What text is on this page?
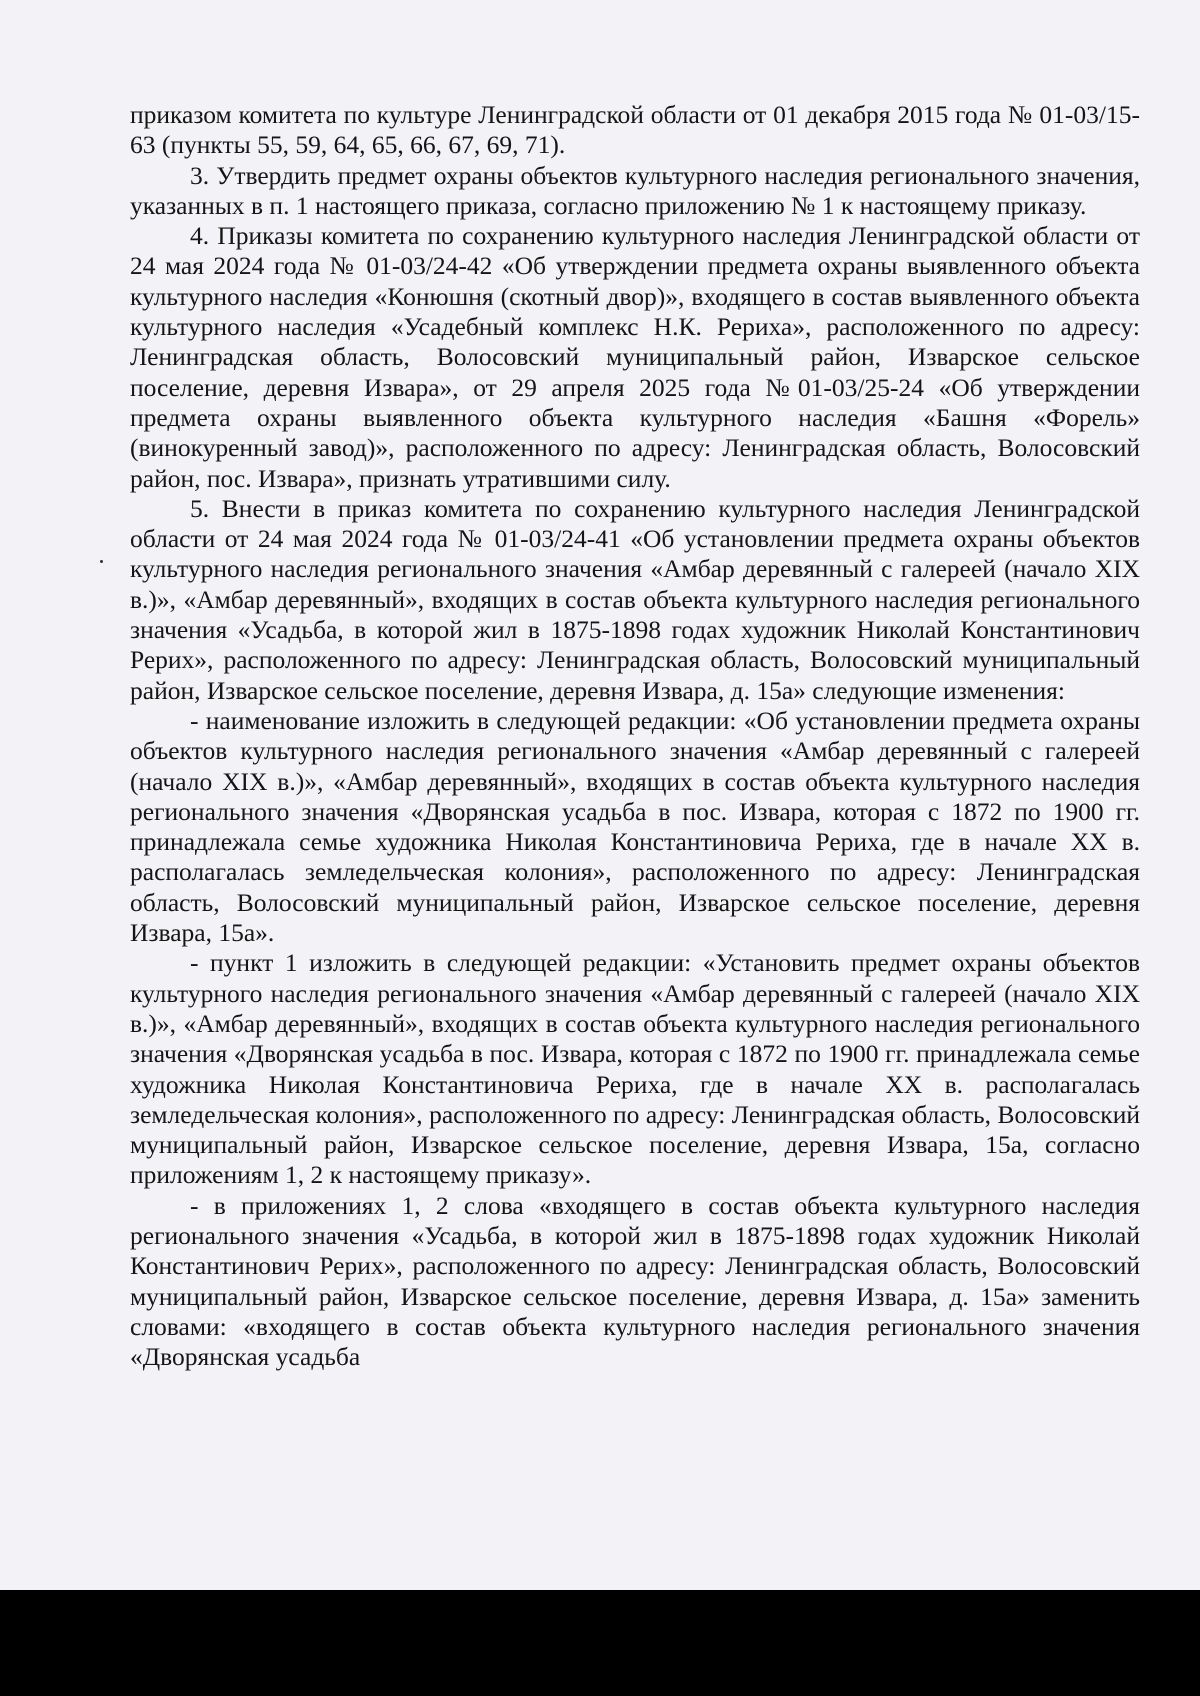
приказом комитета по культуре Ленинградской области от 01 декабря 2015 года № 01-03/15-63 (пункты 55, 59, 64, 65, 66, 67, 69, 71).

3. Утвердить предмет охраны объектов культурного наследия регионального значения, указанных в п. 1 настоящего приказа, согласно приложению № 1 к настоящему приказу.

4. Приказы комитета по сохранению культурного наследия Ленинградской области от 24 мая 2024 года № 01-03/24-42 «Об утверждении предмета охраны выявленного объекта культурного наследия «Конюшня (скотный двор)», входящего в состав выявленного объекта культурного наследия «Усадебный комплекс Н.К. Рериха», расположенного по адресу: Ленинградская область, Волосовский муниципальный район, Изварское сельское поселение, деревня Извара», от 29 апреля 2025 года №01-03/25-24 «Об утверждении предмета охраны выявленного объекта культурного наследия «Башня «Форель» (винокуренный завод)», расположенного по адресу: Ленинградская область, Волосовский район, пос. Извара», признать утратившими силу.

5. Внести в приказ комитета по сохранению культурного наследия Ленинградской области от 24 мая 2024 года № 01-03/24-41 «Об установлении предмета охраны объектов культурного наследия регионального значения «Амбар деревянный с галереей (начало XIX в.)», «Амбар деревянный», входящих в состав объекта культурного наследия регионального значения «Усадьба, в которой жил в 1875-1898 годах художник Николай Константинович Рерих», расположенного по адресу: Ленинградская область, Волосовский муниципальный район, Изварское сельское поселение, деревня Извара, д. 15а» следующие изменения:

- наименование изложить в следующей редакции: «Об установлении предмета охраны объектов культурного наследия регионального значения «Амбар деревянный с галереей (начало XIX в.)», «Амбар деревянный», входящих в состав объекта культурного наследия регионального значения «Дворянская усадьба в пос. Извара, которая с 1872 по 1900 гг. принадлежала семье художника Николая Константиновича Рериха, где в начале XX в. располагалась земледельческая колония», расположенного по адресу: Ленинградская область, Волосовский муниципальный район, Изварское сельское поселение, деревня Извара, 15а».

- пункт 1 изложить в следующей редакции: «Установить предмет охраны объектов культурного наследия регионального значения «Амбар деревянный с галереей (начало XIX в.)», «Амбар деревянный», входящих в состав объекта культурного наследия регионального значения «Дворянская усадьба в пос. Извара, которая с 1872 по 1900 гг. принадлежала семье художника Николая Константиновича Рериха, где в начале XX в. располагалась земледельческая колония», расположенного по адресу: Ленинградская область, Волосовский муниципальный район, Изварское сельское поселение, деревня Извара, 15а, согласно приложениям 1, 2 к настоящему приказу».

- в приложениях 1, 2 слова «входящего в состав объекта культурного наследия регионального значения «Усадьба, в которой жил в 1875-1898 годах художник Николай Константинович Рерих», расположенного по адресу: Ленинградская область, Волосовский муниципальный район, Изварское сельское поселение, деревня Извара, д. 15а» заменить словами: «входящего в состав объекта культурного наследия регионального значения «Дворянская усадьба
